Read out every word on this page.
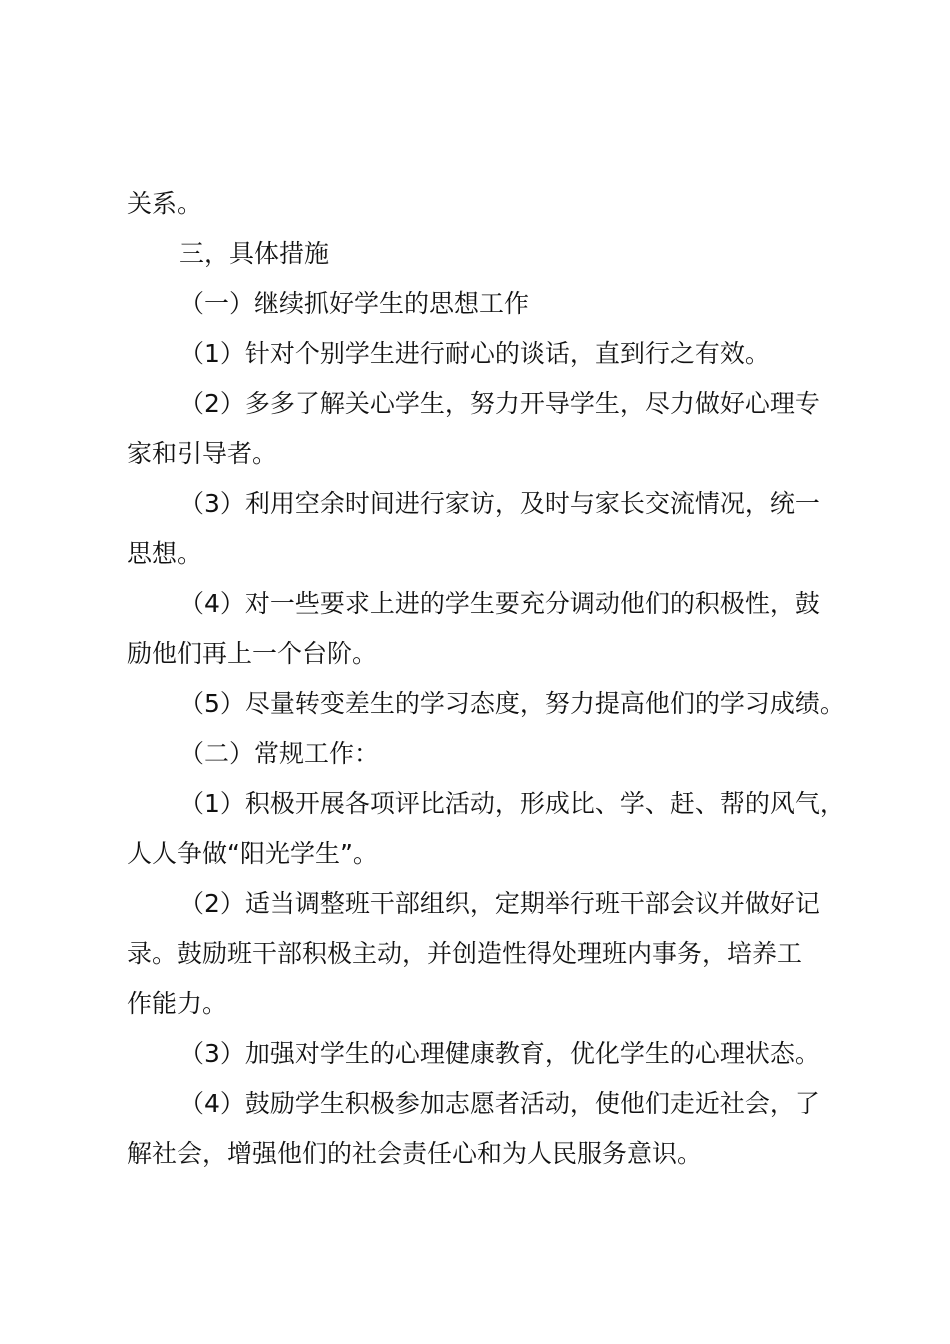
关系。
三，具体措施
（一）继续抓好学生的思想工作
（1）针对个别学生进行耐心的谈话，直到行之有效。
（2）多多了解关心学生，努力开导学生，尽力做好心理专
家和引导者。
（3）利用空余时间进行家访，及时与家长交流情况，统一
思想。
（4）对一些要求上进的学生要充分调动他们的积极性，鼓
励他们再上一个台阶。
（5）尽量转变差生的学习态度，努力提高他们的学习成绩。
（二）常规工作：
（1）积极开展各项评比活动，形成比、学、赶、帮的风气，
人人争做“阳光学生”。
（2）适当调整班干部组织，定期举行班干部会议并做好记
录。鼓励班干部积极主动，并创造性得处理班内事务，培养工
作能力。
（3）加强对学生的心理健康教育，优化学生的心理状态。
（4）鼓励学生积极参加志愿者活动，使他们走近社会，了
解社会，增强他们的社会责任心和为人民服务意识。
